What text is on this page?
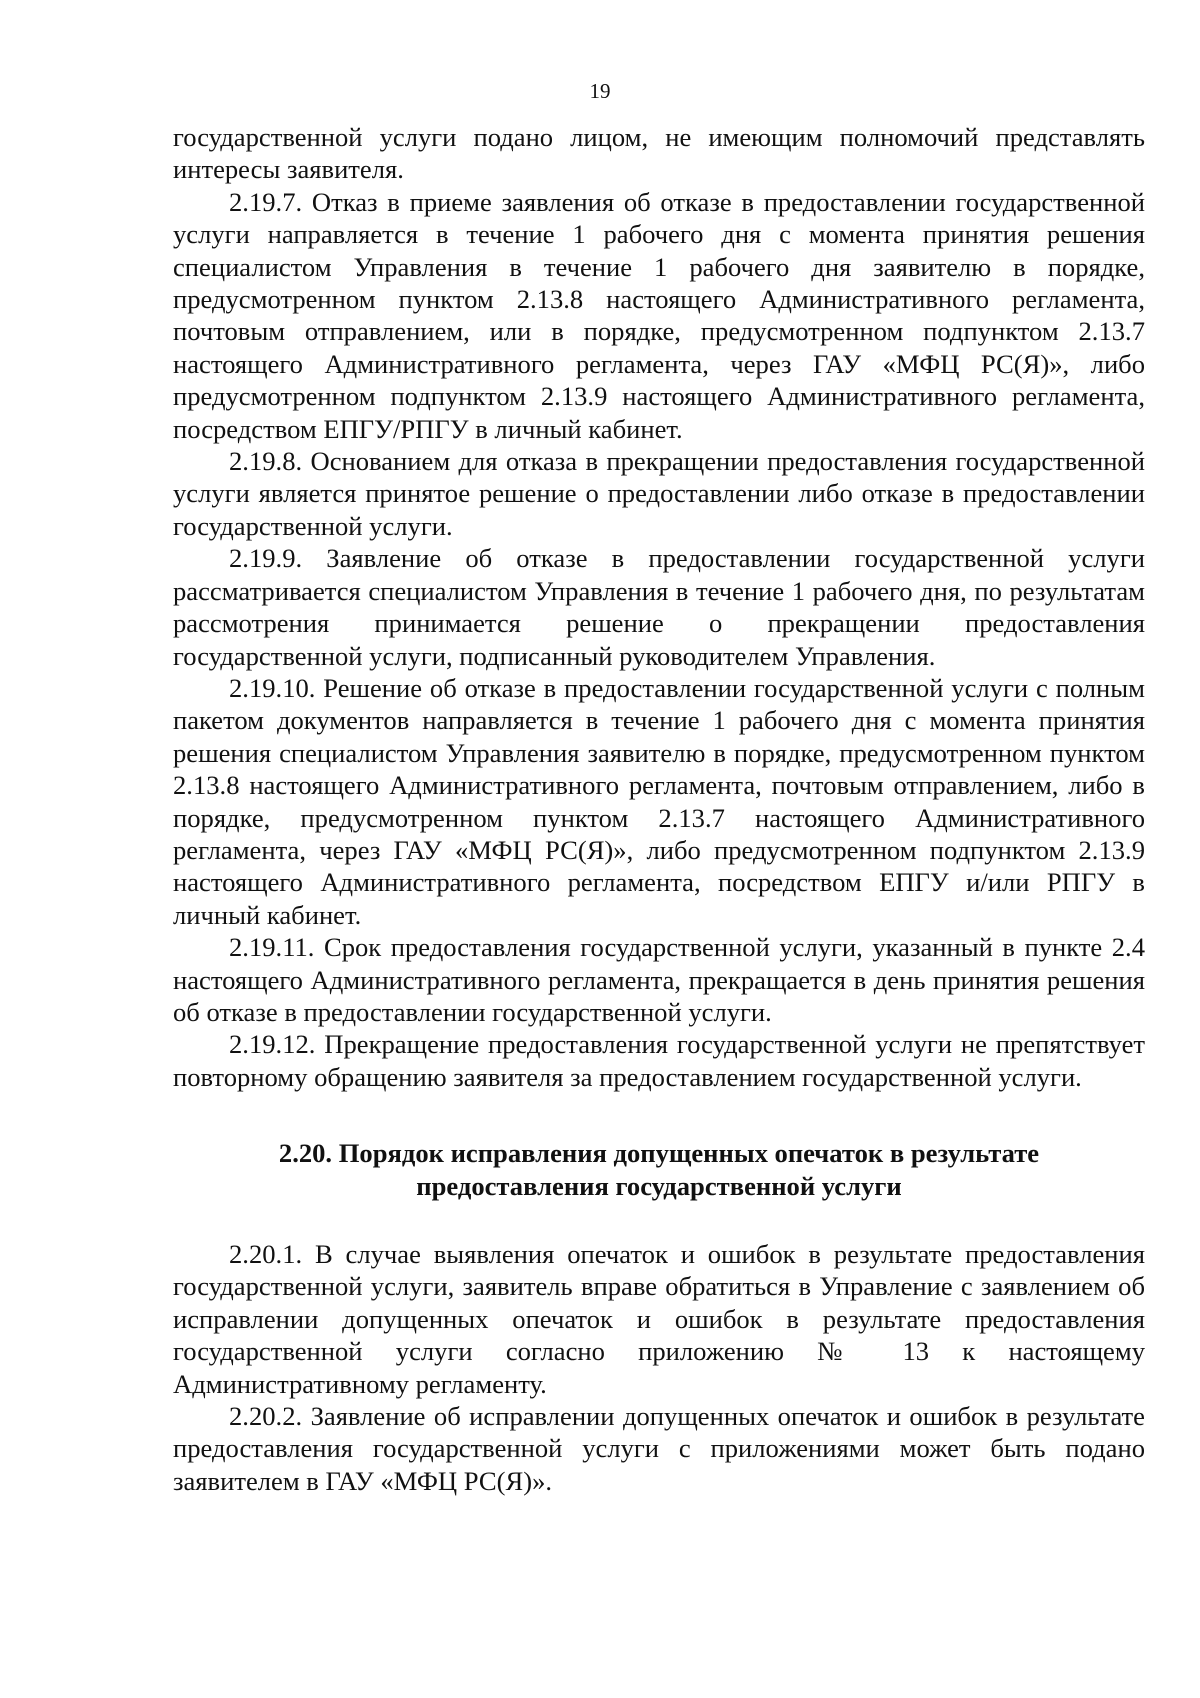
19

государственной услуги подано лицом, не имеющим полномочий представлять интересы заявителя.

2.19.7. Отказ в приеме заявления об отказе в предоставлении государственной услуги направляется в течение 1 рабочего дня с момента принятия решения специалистом Управления в течение 1 рабочего дня заявителю в порядке, предусмотренном пунктом 2.13.8 настоящего Административного регламента, почтовым отправлением, или в порядке, предусмотренном подпунктом 2.13.7 настоящего Административного регламента, через ГАУ «МФЦ РС(Я)», либо предусмотренном подпунктом 2.13.9 настоящего Административного регламента, посредством ЕПГУ/РПГУ в личный кабинет.

2.19.8. Основанием для отказа в прекращении предоставления государственной услуги является принятое решение о предоставлении либо отказе в предоставлении государственной услуги.

2.19.9. Заявление об отказе в предоставлении государственной услуги рассматривается специалистом Управления в течение 1 рабочего дня, по результатам рассмотрения принимается решение о прекращении предоставления государственной услуги, подписанный руководителем Управления.

2.19.10. Решение об отказе в предоставлении государственной услуги с полным пакетом документов направляется в течение 1 рабочего дня с момента принятия решения специалистом Управления заявителю в порядке, предусмотренном пунктом 2.13.8 настоящего Административного регламента, почтовым отправлением, либо в порядке, предусмотренном пунктом 2.13.7 настоящего Административного регламента, через ГАУ «МФЦ РС(Я)», либо предусмотренном подпунктом 2.13.9 настоящего Административного регламента, посредством ЕПГУ и/или РПГУ в личный кабинет.

2.19.11. Срок предоставления государственной услуги, указанный в пункте 2.4 настоящего Административного регламента, прекращается в день принятия решения об отказе в предоставлении государственной услуги.

2.19.12. Прекращение предоставления государственной услуги не препятствует повторному обращению заявителя за предоставлением государственной услуги.

2.20. Порядок исправления допущенных опечаток в результате предоставления государственной услуги

2.20.1. В случае выявления опечаток и ошибок в результате предоставления государственной услуги, заявитель вправе обратиться в Управление с заявлением об исправлении допущенных опечаток и ошибок в результате предоставления государственной услуги согласно приложению № 13 к настоящему Административному регламенту.

2.20.2. Заявление об исправлении допущенных опечаток и ошибок в результате предоставления государственной услуги с приложениями может быть подано заявителем в ГАУ «МФЦ РС(Я)».
